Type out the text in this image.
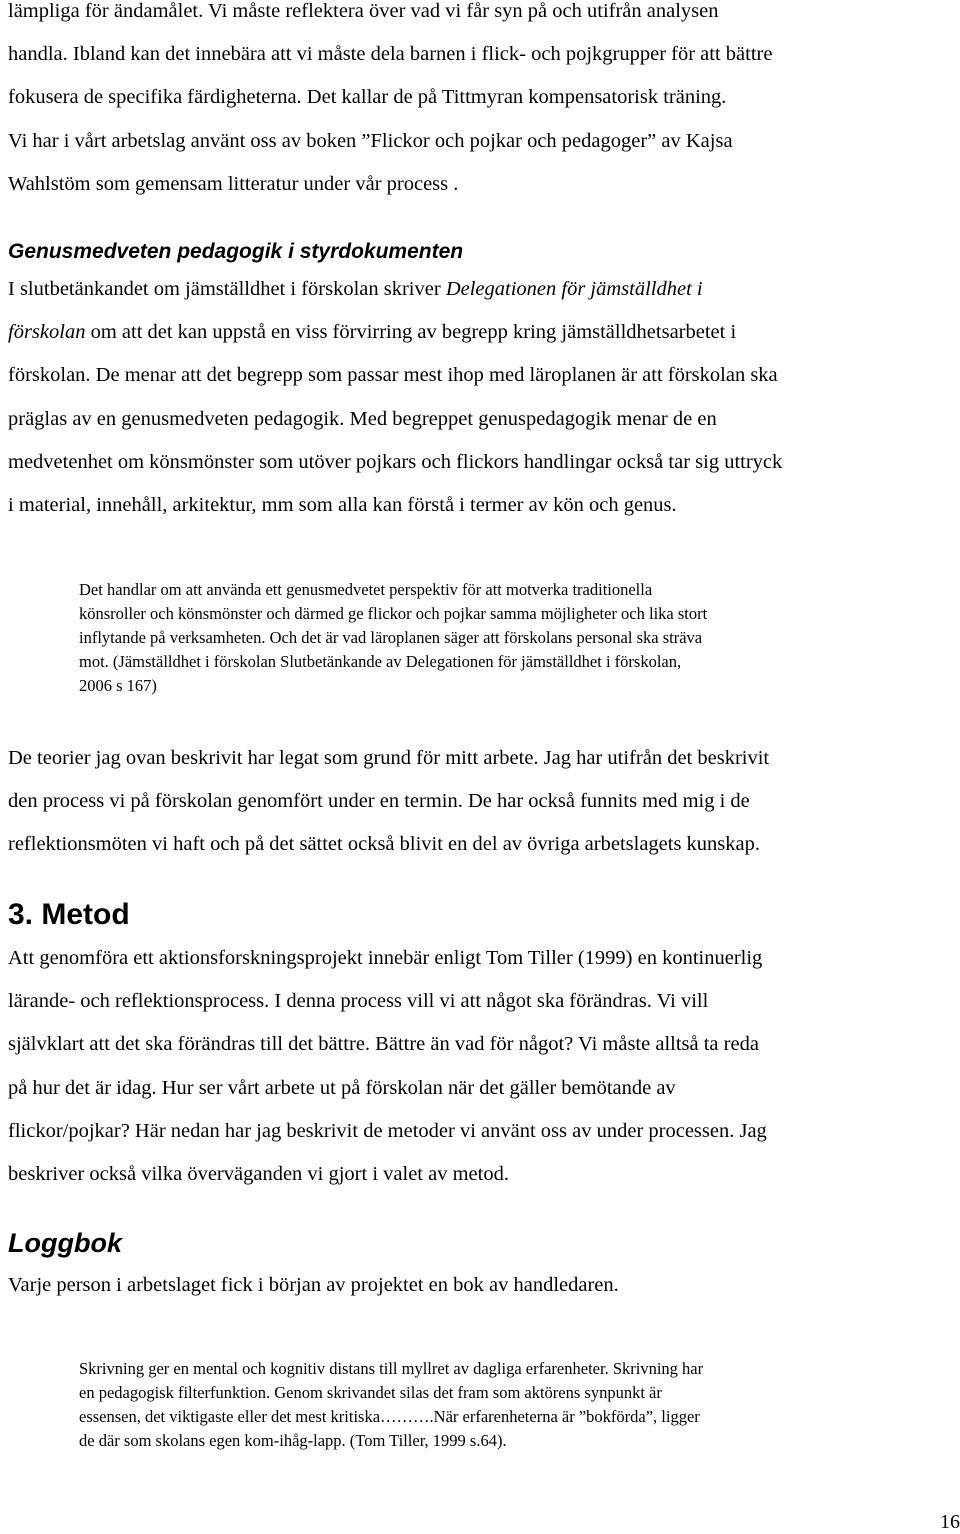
lämpliga för ändamålet. Vi måste reflektera över vad vi får syn på och utifrån analysen
handla. Ibland kan det innebära att vi måste dela barnen i flick- och pojkgrupper för att bättre
fokusera de specifika färdigheterna. Det kallar de på Tittmyran kompensatorisk träning.
Vi har i vårt arbetslag använt oss av boken ”Flickor och pojkar och pedagoger” av Kajsa
Wahlstöm som gemensam litteratur under vår process .
Genusmedveten pedagogik i styrdokumenten
I slutbetänkandet om jämställdhet i förskolan skriver Delegationen för jämställdhet i
förskolan om att det kan uppstå en viss förvirring av begrepp kring jämställdhetsarbetet i
förskolan. De menar att det begrepp som passar mest ihop med läroplanen är att förskolan ska
präglas av en genusmedveten pedagogik. Med begreppet genuspedagogik menar de en
medvetenhet om könsmönster som utöver pojkars och flickors handlingar också tar sig uttryck
i material, innehåll, arkitektur, mm som alla kan förstå i termer av kön och genus.
Det handlar om att använda ett genusmedvetet perspektiv för att motverka traditionella
könsroller och könsmönster och därmed ge flickor och pojkar samma möjligheter och lika stort
inflytande på verksamheten. Och det är vad läroplanen säger att förskolans personal ska sträva
mot. (Jämställdhet i förskolan Slutbetänkande av Delegationen för jämställdhet i förskolan,
2006 s 167)
De teorier jag ovan beskrivit har legat som grund för mitt arbete. Jag har utifrån det beskrivit
den process vi på förskolan genomfört under en termin. De har också funnits med mig i de
reflektionsmöten vi haft och på det sättet också blivit en del av övriga arbetslagets kunskap.
3. Metod
Att genomföra ett aktionsforskningsprojekt innebär enligt Tom Tiller (1999) en kontinuerlig
lärande- och reflektionsprocess. I denna process vill vi att något ska förändras. Vi vill
självklart att det ska förändras till det bättre. Bättre än vad för något? Vi måste alltså ta reda
på hur det är idag. Hur ser vårt arbete ut på förskolan när det gäller bemötande av
flickor/pojkar? Här nedan har jag beskrivit de metoder vi använt oss av under processen. Jag
beskriver också vilka överväganden vi gjort i valet av metod.
Loggbok
Varje person i arbetslaget fick i början av projektet en bok av handledaren.
Skrivning ger en mental och kognitiv distans till myllret av dagliga erfarenheter. Skrivning har
en pedagogisk filterfunktion. Genom skrivandet silas det fram som aktörens synpunkt är
essensen, det viktigaste eller det mest kritiska……….När erfarenheterna är ”bokförda”, ligger
de där som skolans egen kom-ihåg-lapp. (Tom Tiller, 1999 s.64).
16
